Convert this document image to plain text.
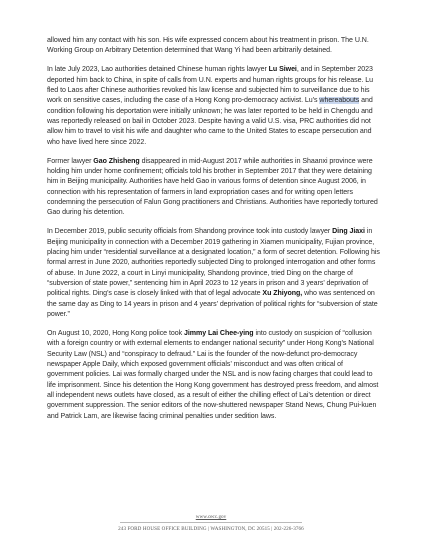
allowed him any contact with his son. His wife expressed concern about his treatment in prison. The U.N. Working Group on Arbitrary Detention determined that Wang Yi had been arbitrarily detained.

In late July 2023, Lao authorities detained Chinese human rights lawyer Lu Siwei, and in September 2023 deported him back to China, in spite of calls from U.N. experts and human rights groups for his release. Lu fled to Laos after Chinese authorities revoked his law license and subjected him to surveillance due to his work on sensitive cases, including the case of a Hong Kong pro-democracy activist. Lu’s whereabouts and condition following his deportation were initially unknown; he was later reported to be held in Chengdu and was reportedly released on bail in October 2023. Despite having a valid U.S. visa, PRC authorities did not allow him to travel to visit his wife and daughter who came to the United States to escape persecution and who have lived here since 2022.

Former lawyer Gao Zhisheng disappeared in mid-August 2017 while authorities in Shaanxi province were holding him under home confinement; officials told his brother in September 2017 that they were detaining him in Beijing municipality. Authorities have held Gao in various forms of detention since August 2006, in connection with his representation of farmers in land expropriation cases and for writing open letters condemning the persecution of Falun Gong practitioners and Christians. Authorities have reportedly tortured Gao during his detention.

In December 2019, public security officials from Shandong province took into custody lawyer Ding Jiaxi in Beijing municipality in connection with a December 2019 gathering in Xiamen municipality, Fujian province, placing him under “residential surveillance at a designated location,” a form of secret detention. Following his formal arrest in June 2020, authorities reportedly subjected Ding to prolonged interrogation and other forms of abuse. In June 2022, a court in Linyi municipality, Shandong province, tried Ding on the charge of “subversion of state power,” sentencing him in April 2023 to 12 years in prison and 3 years’ deprivation of political rights. Ding’s case is closely linked with that of legal advocate Xu Zhiyong, who was sentenced on the same day as Ding to 14 years in prison and 4 years’ deprivation of political rights for “subversion of state power.”

On August 10, 2020, Hong Kong police took Jimmy Lai Chee-ying into custody on suspicion of “collusion with a foreign country or with external elements to endanger national security” under Hong Kong’s National Security Law (NSL) and “conspiracy to defraud.” Lai is the founder of the now-defunct pro-democracy newspaper Apple Daily, which exposed government officials’ misconduct and was often critical of government policies. Lai was formally charged under the NSL and is now facing charges that could lead to life imprisonment. Since his detention the Hong Kong government has destroyed press freedom, and almost all independent news outlets have closed, as a result of either the chilling effect of Lai’s detention or direct government suppression. The senior editors of the now-shuttered newspaper Stand News, Chung Pui-kuen and Patrick Lam, are likewise facing criminal penalties under sedition laws.

www.cecc.gov
243 FORD HOUSE OFFICE BUILDING | WASHINGTON, DC 20515 | 202-226-3766
